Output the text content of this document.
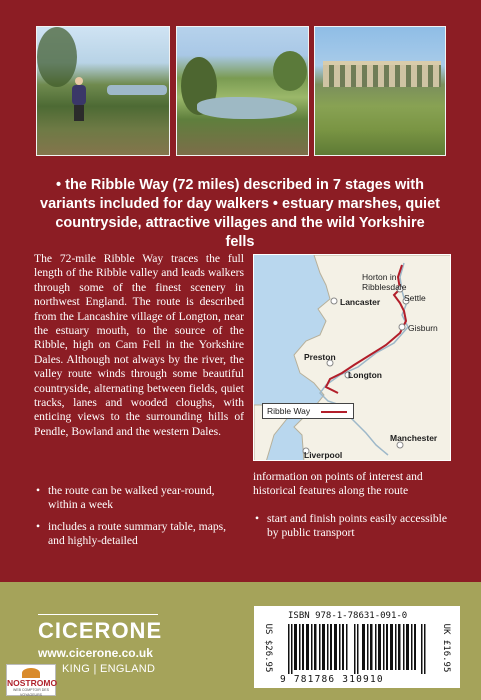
• the Ribble Way (72 miles) described in 7 stages with
variants included for day walkers • estuary marshes, quiet
countryside, attractive villages and the wild Yorkshire fells

The 72-mile Ribble Way traces the full length of the Ribble valley and leads walkers through some of the finest scenery in northwest England. The route is described from the Lancashire village of Longton, near the estuary mouth, to the source of the Ribble, high on Cam Fell in the Yorkshire Dales. Although not always by the river, the valley route winds through some beautiful countryside, alternating between fields, quiet tracks, lanes and wooded cloughs, with enticing views to the surrounding hills of Pendle, Bowland and the western Dales.

• the route can be walked year-round, within a week
• includes a route summary table, maps, and highly-detailed

information on points of interest and historical features along the route

• start and finish points easily accessible by public transport
Horton in
Ribblesdale
Settle
Lancaster
Gisburn
Preston
Longton
Manchester
Liverpool
Ribble Way
CICERONE
www.cicerone.co.uk
KING | ENGLAND
NOSTROMO
WEB COMPTOIR DES VOYAGEURS
US $26.95
ISBN 978-1-78631-091-0
9 781786 310910
UK £16.95
